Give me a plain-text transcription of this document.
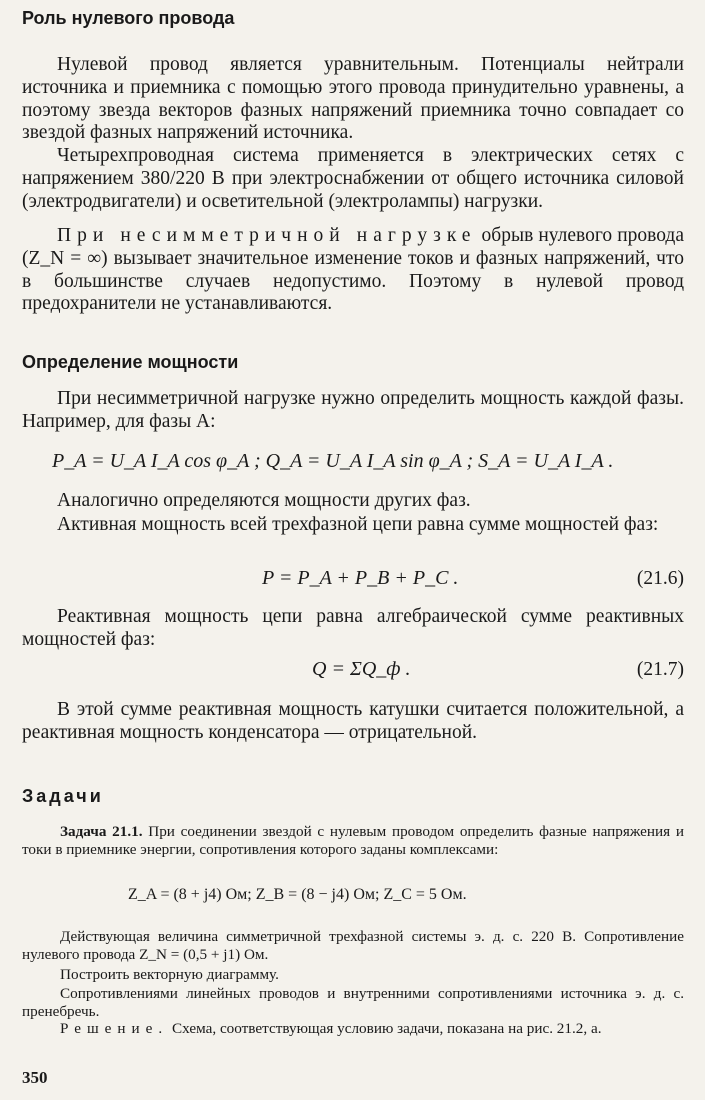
Роль нулевого провода

Нулевой провод является уравнительным. Потенциалы нейтрали источника и приемника с помощью этого провода принудительно уравнены, а поэтому звезда векторов фазных напряжений приемника точно совпадает со звездой фазных напряжений источника.

Четырехпроводная система применяется в электрических сетях с напряжением 380/220 В при электроснабжении от общего источника силовой (электродвигатели) и осветительной (электролампы) нагрузки.

При несимметричной нагрузке обрыв нулевого провода (Z_N = ∞) вызывает значительное изменение токов и фазных напряжений, что в большинстве случаев недопустимо. Поэтому в нулевой провод предохранители не устанавливаются.

Определение мощности

При несимметричной нагрузке нужно определить мощность каждой фазы. Например, для фазы A:

P_A = U_A I_A cos φ_A ; Q_A = U_A I_A sin φ_A ; S_A = U_A I_A .

Аналогично определяются мощности других фаз.

Активная мощность всей трехфазной цепи равна сумме мощностей фаз:

P = P_A + P_B + P_C .	(21.6)

Реактивная мощность цепи равна алгебраической сумме реактивных мощностей фаз:

Q = ΣQ_ф .	(21.7)

В этой сумме реактивная мощность катушки считается положительной, а реактивная мощность конденсатора — отрицательной.

Задачи

Задача 21.1. При соединении звездой с нулевым проводом определить фазные напряжения и токи в приемнике энергии, сопротивления которого заданы комплексами:

Z_A = (8 + j4) Ом; Z_B = (8 − j4) Ом; Z_C = 5 Ом.

Действующая величина симметричной трехфазной системы э. д. с. 220 В. Сопротивление нулевого провода Z_N = (0,5 + j1) Ом.

Построить векторную диаграмму.

Сопротивлениями линейных проводов и внутренними сопротивлениями источника э. д. с. пренебречь.

Решение. Схема, соответствующая условию задачи, показана на рис. 21.2, а.

350
